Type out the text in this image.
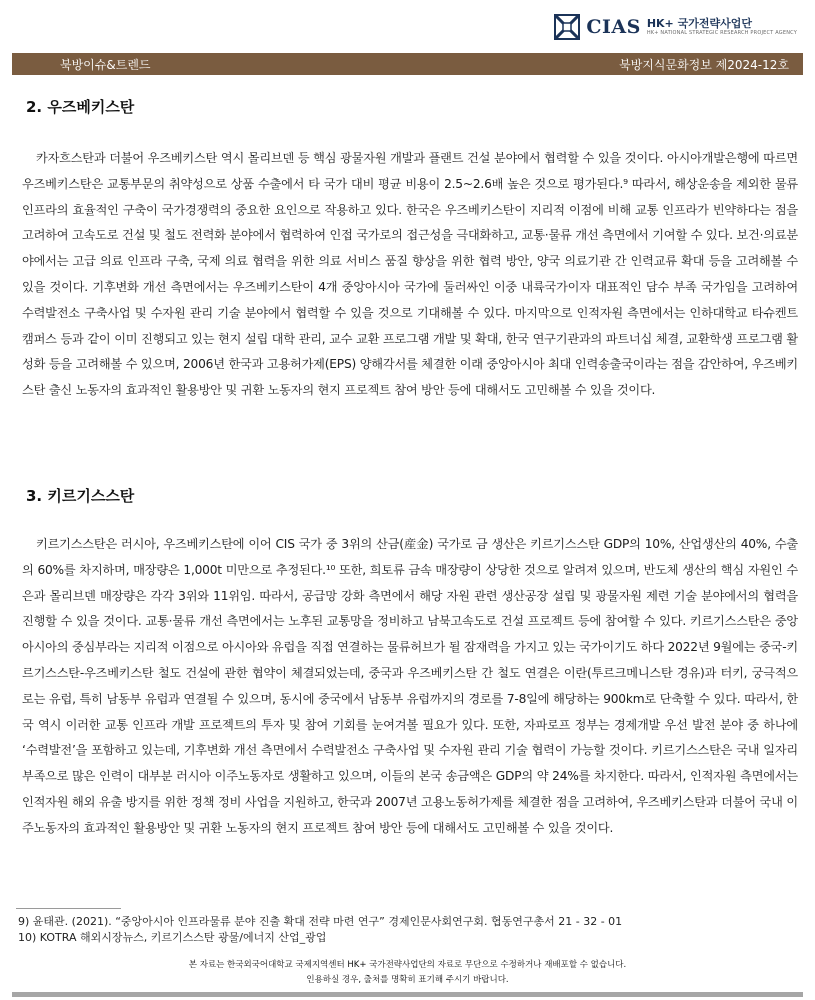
CIAS HK+ 국가전략사업단
HK+ NATIONAL STRATEGIC RESEARCH PROJECT AGENCY
북방이슈&트렌드	북방지식문화정보 제2024-12호
2. 우즈베키스탄

카자흐스탄과 더불어 우즈베키스탄 역시 몰리브덴 등 핵심 광물자원 개발과 플랜트 건설 분야에서 협력할 수 있을 것이다. 아시아개발은행에 따르면 우즈베키스탄은 교통부문의 취약성으로 상품 수출에서 타 국가 대비 평균 비용이 2.5~2.6배 높은 것으로 평가된다.⁹ 따라서, 해상운송을 제외한 물류 인프라의 효율적인 구축이 국가경쟁력의 중요한 요인으로 작용하고 있다. 한국은 우즈베키스탄이 지리적 이점에 비해 교통 인프라가 빈약하다는 점을 고려하여 고속도로 건설 및 철도 전력화 분야에서 협력하여 인접 국가로의 접근성을 극대화하고, 교통·물류 개선 측면에서 기여할 수 있다. 보건·의료분야에서는 고급 의료 인프라 구축, 국제 의료 협력을 위한 의료 서비스 품질 향상을 위한 협력 방안, 양국 의료기관 간 인력교류 확대 등을 고려해볼 수 있을 것이다. 기후변화 개선 측면에서는 우즈베키스탄이 4개 중앙아시아 국가에 둘러싸인 이중 내륙국가이자 대표적인 담수 부족 국가임을 고려하여 수력발전소 구축사업 및 수자원 관리 기술 분야에서 협력할 수 있을 것으로 기대해볼 수 있다. 마지막으로 인적자원 측면에서는 인하대학교 타슈켄트 캠퍼스 등과 같이 이미 진행되고 있는 현지 설립 대학 관리, 교수 교환 프로그램 개발 및 확대, 한국 연구기관과의 파트너십 체결, 교환학생 프로그램 활성화 등을 고려해볼 수 있으며, 2006년 한국과 고용허가제(EPS) 양해각서를 체결한 이래 중앙아시아 최대 인력송출국이라는 점을 감안하여, 우즈베키스탄 출신 노동자의 효과적인 활용방안 및 귀환 노동자의 현지 프로젝트 참여 방안 등에 대해서도 고민해볼 수 있을 것이다.

3. 키르기스스탄

키르기스스탄은 러시아, 우즈베키스탄에 이어 CIS 국가 중 3위의 산금(産金) 국가로 금 생산은 키르기스스탄 GDP의 10%, 산업생산의 40%, 수출의 60%를 차지하며, 매장량은 1,000t 미만으로 추정된다.¹⁰ 또한, 희토류 금속 매장량이 상당한 것으로 알려져 있으며, 반도체 생산의 핵심 자원인 수은과 몰리브덴 매장량은 각각 3위와 11위임. 따라서, 공급망 강화 측면에서 해당 자원 관련 생산공장 설립 및 광물자원 제련 기술 분야에서의 협력을 진행할 수 있을 것이다. 교통·물류 개선 측면에서는 노후된 교통망을 정비하고 남북고속도로 건설 프로젝트 등에 참여할 수 있다. 키르기스스탄은 중앙아시아의 중심부라는 지리적 이점으로 아시아와 유럽을 직접 연결하는 물류허브가 될 잠재력을 가지고 있는 국가이기도 하다 2022년 9월에는 중국-키르기스스탄-우즈베키스탄 철도 건설에 관한 협약이 체결되었는데, 중국과 우즈베키스탄 간 철도 연결은 이란(투르크메니스탄 경유)과 터키, 궁극적으로는 유럽, 특히 남동부 유럽과 연결될 수 있으며, 동시에 중국에서 남동부 유럽까지의 경로를 7-8일에 해당하는 900km로 단축할 수 있다. 따라서, 한국 역시 이러한 교통 인프라 개발 프로젝트의 투자 및 참여 기회를 눈여겨볼 필요가 있다. 또한, 자파로프 정부는 경제개발 우선 발전 분야 중 하나에 ‘수력발전’을 포함하고 있는데, 기후변화 개선 측면에서 수력발전소 구축사업 및 수자원 관리 기술 협력이 가능할 것이다. 키르기스스탄은 국내 일자리 부족으로 많은 인력이 대부분 러시아 이주노동자로 생활하고 있으며, 이들의 본국 송금액은 GDP의 약 24%를 차지한다. 따라서, 인적자원 측면에서는 인적자원 해외 유출 방지를 위한 정책 정비 사업을 지원하고, 한국과 2007년 고용노동허가제를 체결한 점을 고려하여, 우즈베키스탄과 더불어 국내 이주노동자의 효과적인 활용방안 및 귀환 노동자의 현지 프로젝트 참여 방안 등에 대해서도 고민해볼 수 있을 것이다.

9) 윤태관. (2021). “중앙아시아 인프라물류 분야 진출 확대 전략 마련 연구” 경제인문사회연구회. 협동연구총서 21 - 32 - 01
10) KOTRA 해외시장뉴스, 키르기스스탄 광물/에너지 산업_광업
본 자료는 한국외국어대학교 국제지역센터 HK+ 국가전략사업단의 자료로 무단으로 수정하거나 재배포할 수 없습니다.
인용하실 경우, 출처를 명확히 표기해 주시기 바랍니다.
